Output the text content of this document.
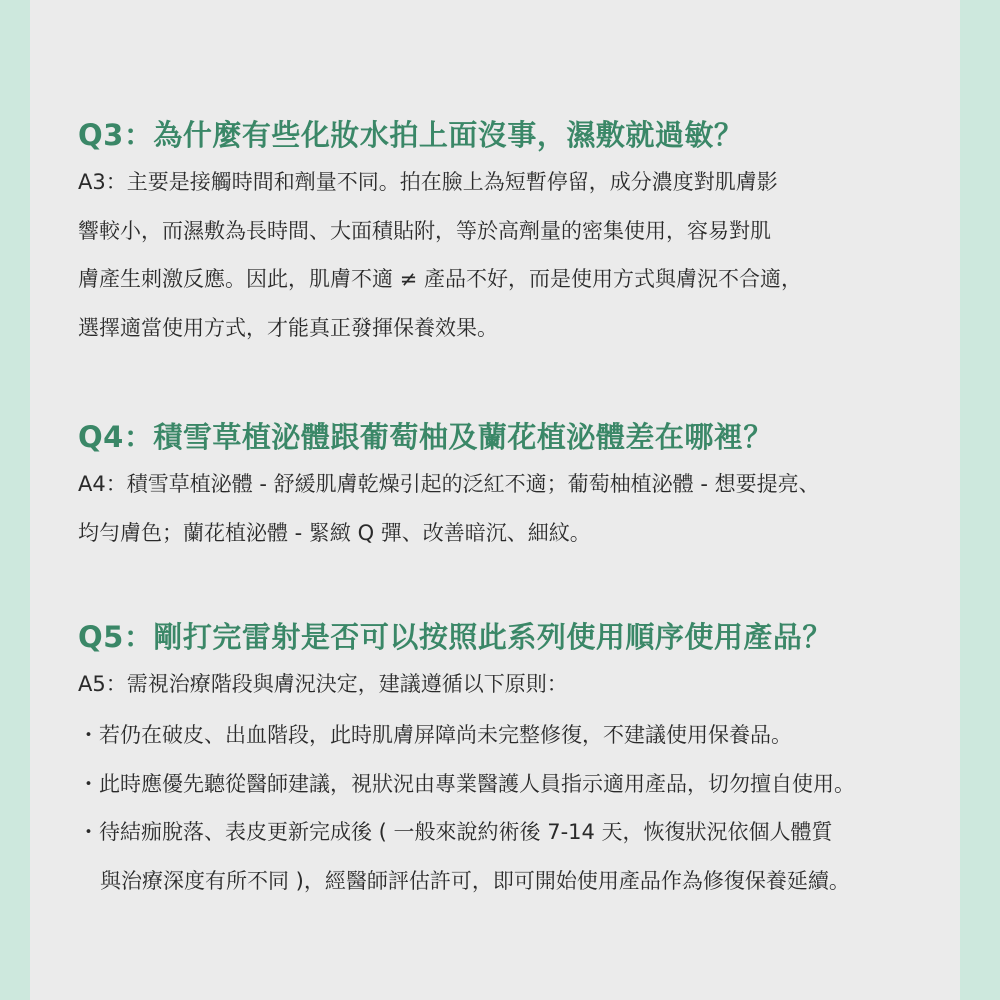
Q3：為什麼有些化妝水拍上面沒事，濕敷就過敏？
A3：主要是接觸時間和劑量不同。拍在臉上為短暫停留，成分濃度對肌膚影
響較小，而濕敷為長時間、大面積貼附，等於高劑量的密集使用，容易對肌
膚產生刺激反應。因此，肌膚不適 ≠ 產品不好，而是使用方式與膚況不合適，
選擇適當使用方式，才能真正發揮保養效果。
Q4：積雪草植泌體跟葡萄柚及蘭花植泌體差在哪裡？
A4：積雪草植泌體 - 舒緩肌膚乾燥引起的泛紅不適；葡萄柚植泌體 - 想要提亮、
均勻膚色；蘭花植泌體 - 緊緻 Q 彈、改善暗沉、細紋。
Q5：剛打完雷射是否可以按照此系列使用順序使用產品？
A5：需視治療階段與膚況決定，建議遵循以下原則：
・若仍在破皮、出血階段，此時肌膚屏障尚未完整修復，不建議使用保養品。
・此時應優先聽從醫師建議，視狀況由專業醫護人員指示適用產品，切勿擅自使用。
・待結痂脫落、表皮更新完成後 ( 一般來說約術後 7-14 天，恢復狀況依個人體質
與治療深度有所不同 )，經醫師評估許可，即可開始使用產品作為修復保養延續。
